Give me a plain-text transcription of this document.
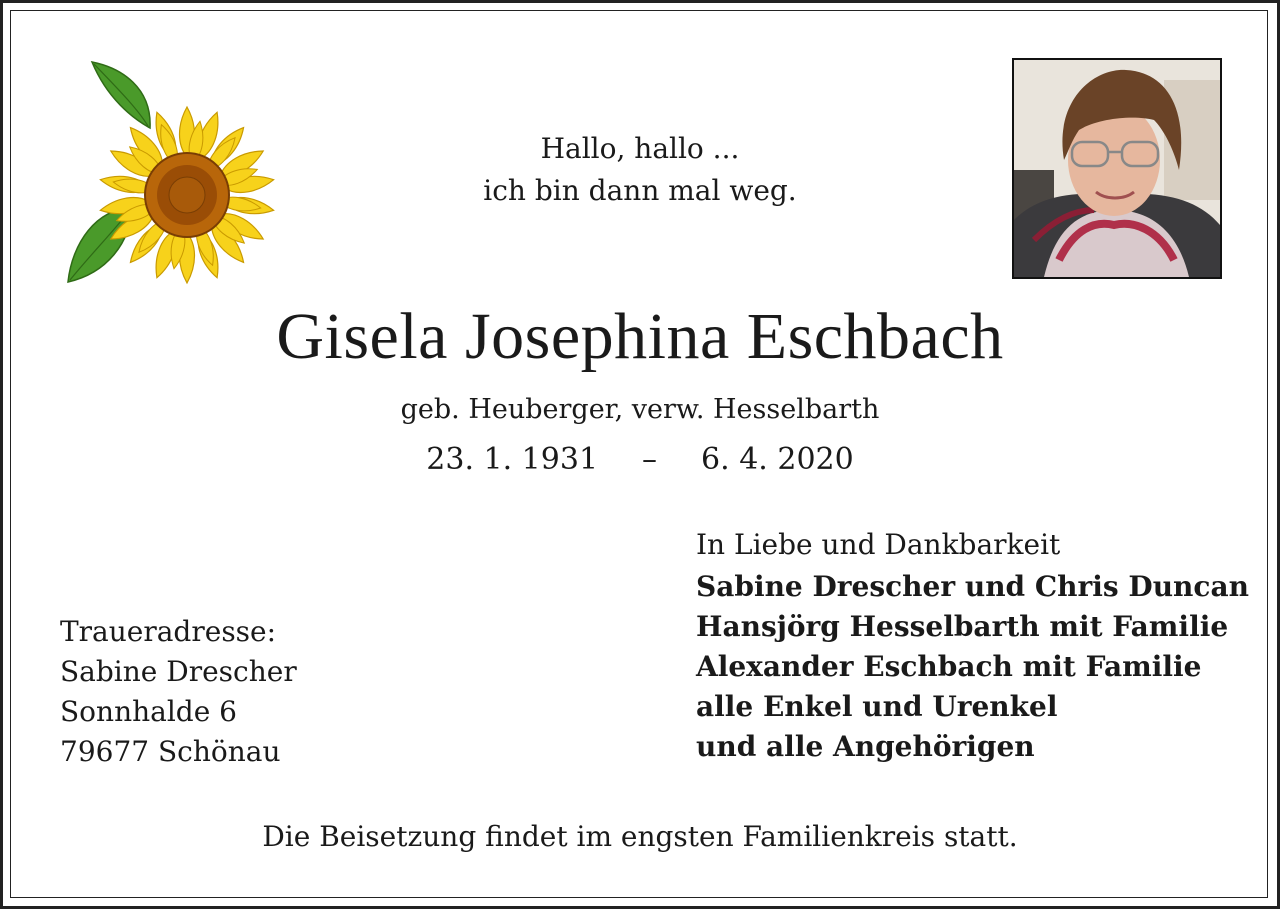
Hallo, hallo ...
ich bin dann mal weg.
Gisela Josephina Eschbach
geb. Heuberger, verw. Hesselbarth
23. 1. 1931 – 6. 4. 2020
Traueradresse:
Sabine Drescher
Sonnhalde 6
79677 Schönau
In Liebe und Dankbarkeit
Sabine Drescher und Chris Duncan
Hansjörg Hesselbarth mit Familie
Alexander Eschbach mit Familie
alle Enkel und Urenkel
und alle Angehörigen
Die Beisetzung findet im engsten Familienkreis statt.
